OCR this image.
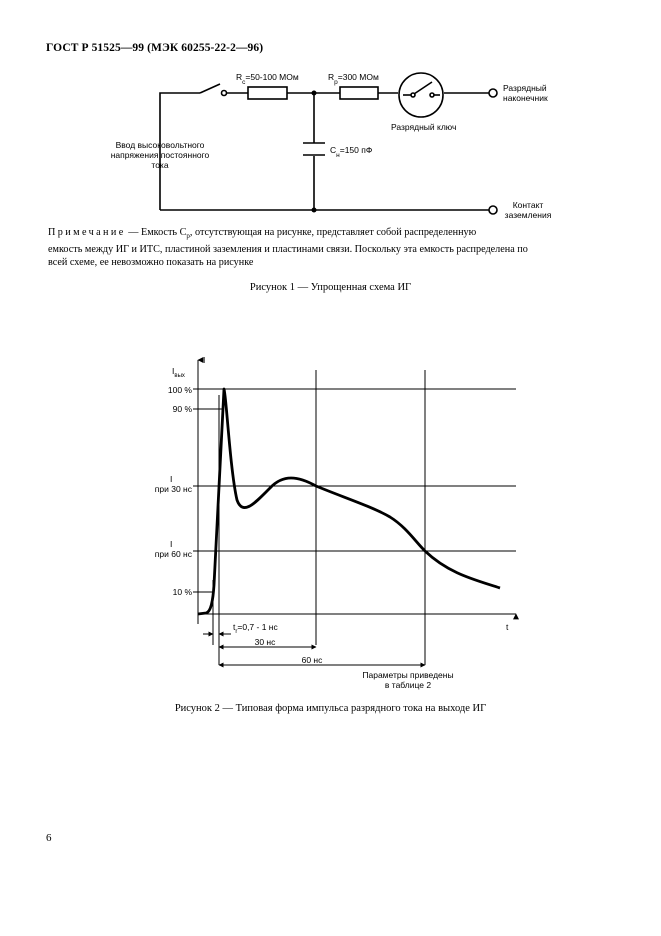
ГОСТ Р 51525—99 (МЭК 60255-22-2—96)
$R_c=50-100$ МОм	$R_р=300$ МОм
$C_н=150$ пФ
Разрядный ключ
Разрядный
наконечник
Ввод высоковольтного
напряжения постоянного
тока
Контакт
заземления
$I_{вых}$
I
t
100 %
90 %
I
при 30 нс
I
при 60 нс
10 %
$t_r=0,7 - 1$ нс
30 нс
60 нс
Параметры приведены
в таблице 2
Примечание — Емкость $С_р$, отсутствующая на рисунке, представляет собой распределенную
емкость между ИГ и ИТС, пластиной заземления и пластинами связи. Поскольку эта емкость распределена по
всей схеме, ее невозможно показать на рисунке
Рисунок 1 — Упрощенная схема ИГ
Рисунок 2 — Типовая форма импульса разрядного тока на выходе ИГ
6
